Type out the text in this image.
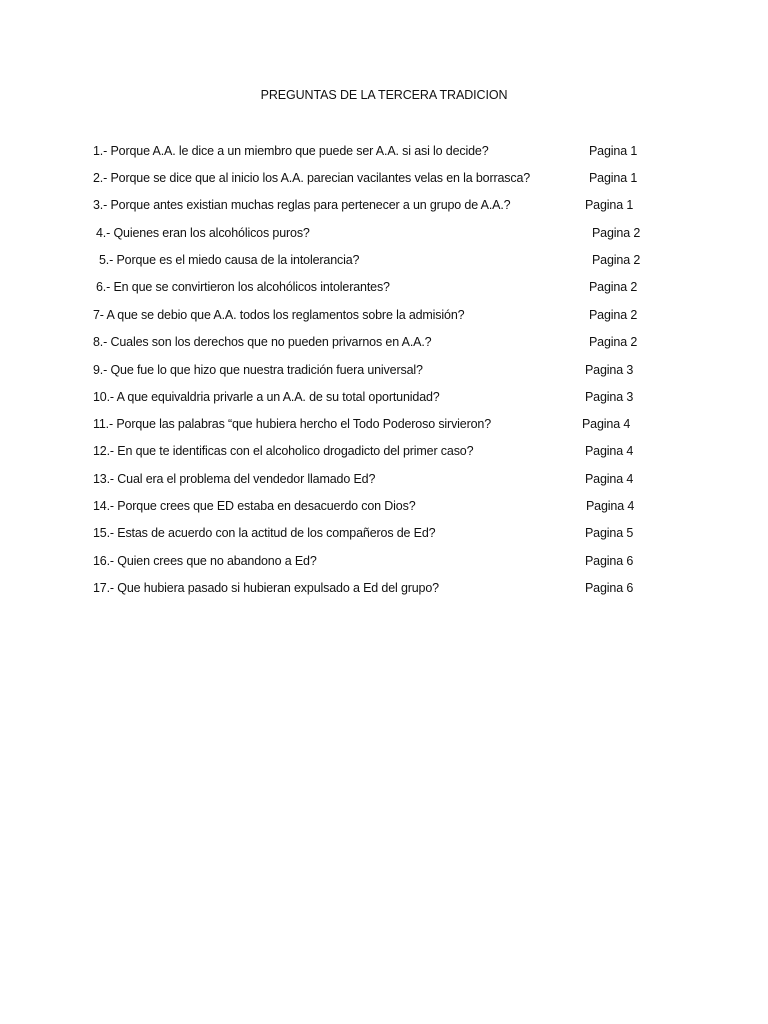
PREGUNTAS DE LA TERCERA TRADICION
1.- Porque A.A. le dice a un miembro que puede ser A.A. si asi lo decide?	Pagina 1
2.- Porque se dice que al inicio los A.A. parecian vacilantes velas en la borrasca?	Pagina 1
3.- Porque antes existian muchas reglas para pertenecer a un grupo de A.A.?	Pagina 1
4.- Quienes eran los alcohólicos puros?	Pagina 2
5.- Porque es el miedo causa de la intolerancia?	Pagina 2
6.- En que se convirtieron los alcohólicos intolerantes?	Pagina 2
7- A que se debio que A.A. todos los reglamentos sobre la admisión?	Pagina 2
8.- Cuales son los derechos que no pueden privarnos en A.A.?	Pagina 2
9.- Que fue lo que hizo que nuestra tradición fuera universal?	Pagina 3
10.- A que equivaldria privarle a un A.A. de su total oportunidad?	Pagina 3
11.- Porque las palabras “que hubiera hercho el Todo Poderoso sirvieron?	Pagina 4
12.- En que te identificas con el alcoholico drogadicto del primer caso?	Pagina 4
13.- Cual era el problema del vendedor llamado Ed?	Pagina 4
14.- Porque crees que ED estaba en desacuerdo con Dios?	Pagina 4
15.- Estas de acuerdo con la actitud de los compañeros de Ed?	Pagina 5
16.- Quien crees que no abandono a Ed?	Pagina 6
17.- Que hubiera pasado si hubieran expulsado a Ed del grupo?	Pagina 6
